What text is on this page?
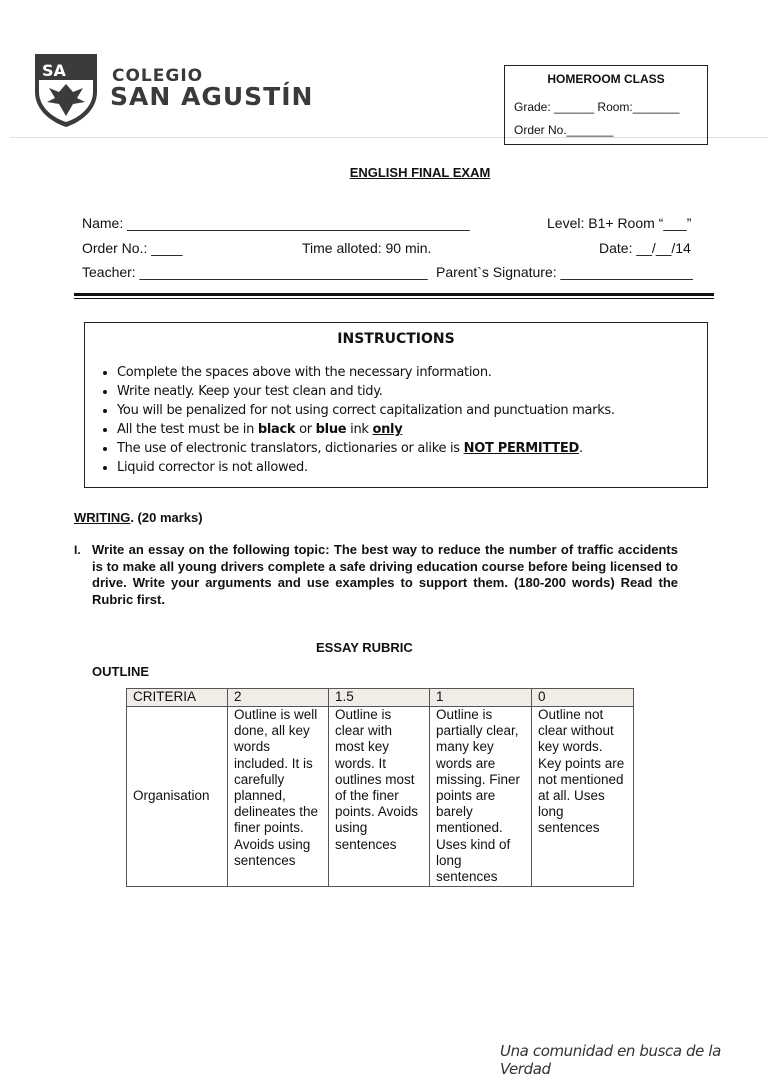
SA	COLEGIO
SAN AGUSTÍN
HOMEROOM CLASS
Grade: ______ Room:_______
Order No._______
ENGLISH FINAL EXAM
Name: ____________________________________________	Level: B1+ Room “___”
Order No.: ____	Time alloted: 90 min.	Date: __/__/14
Teacher: _____________________________________ Parent`s Signature: _________________
INSTRUCTIONS
• Complete the spaces above with the necessary information.
• Write neatly. Keep your test clean and tidy.
• You will be penalized for not using correct capitalization and punctuation marks.
• All the test must be in black or blue ink only
• The use of electronic translators, dictionaries or alike is NOT PERMITTED.
• Liquid corrector is not allowed.
WRITING. (20 marks)
I. Write an essay on the following topic: The best way to reduce the number of traffic accidents is to make all young drivers complete a safe driving education course before being licensed to drive. Write your arguments and use examples to support them. (180-200 words) Read the Rubric first.
ESSAY RUBRIC
OUTLINE
CRITERIA	2	1.5	1	0
Organisation	Outline is well done, all key words included. It is carefully planned, delineates the finer points. Avoids using sentences	Outline is clear with most key words. It outlines most of the finer points. Avoids using sentences	Outline is partially clear, many key words are missing. Finer points are barely mentioned. Uses kind of long sentences	Outline not clear without key words. Key points are not mentioned at all. Uses long sentences
Una comunidad en busca de la Verdad
